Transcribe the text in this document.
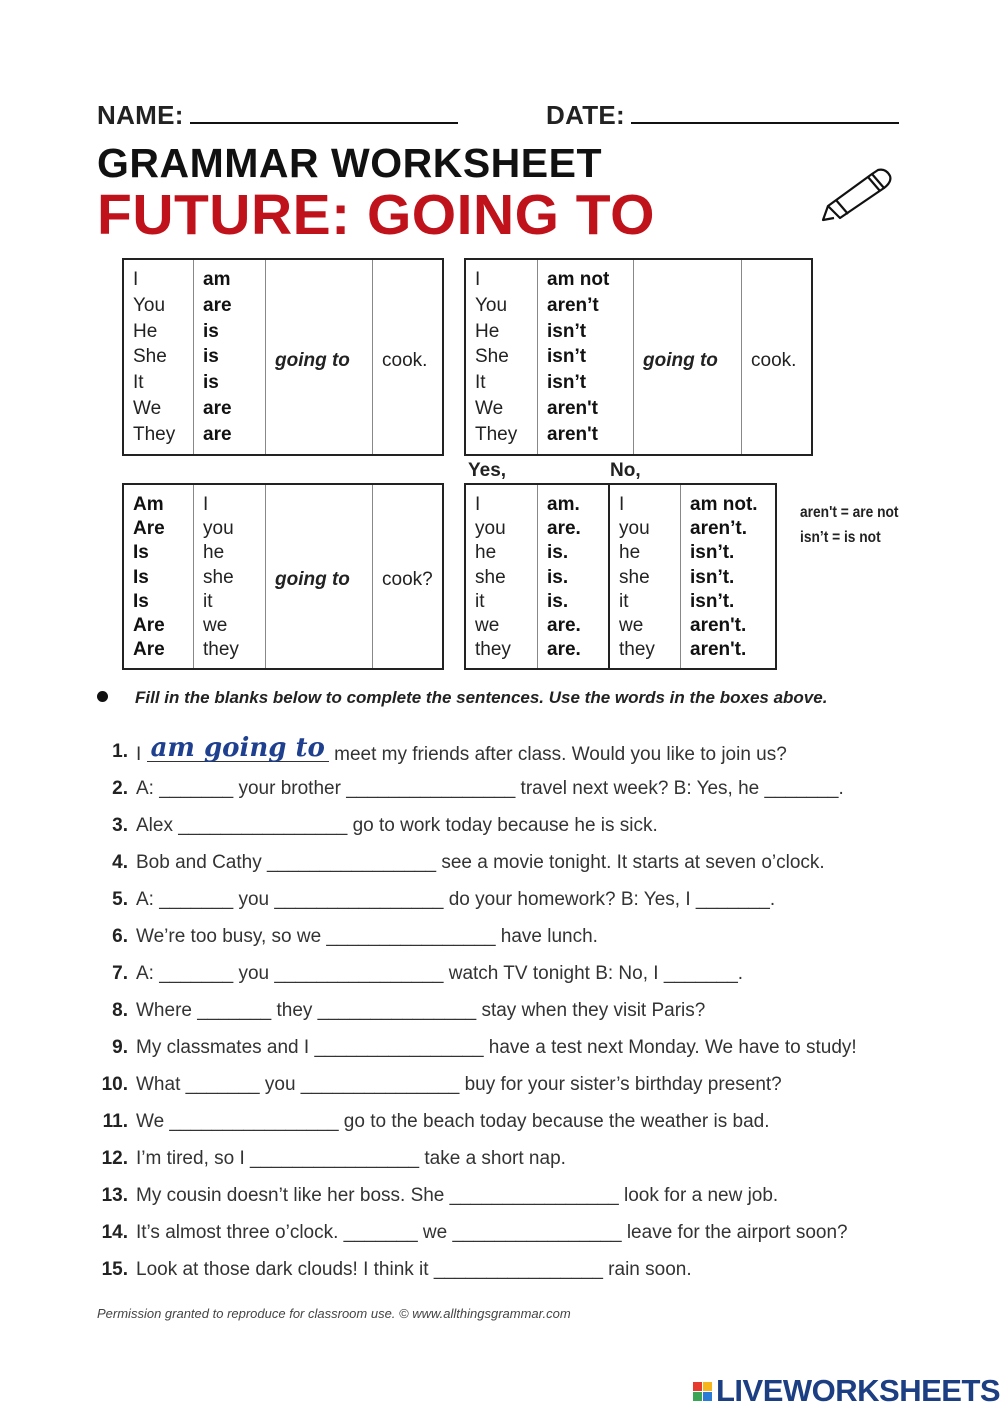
NAME:	DATE:
GRAMMAR WORKSHEET
FUTURE: GOING TO
I
You
He
She
It
We
They
am
are
is
is
is
are
are
going to cook.
I
You
He
She
It
We
They
am not
aren’t
isn’t
isn’t
isn’t
aren't
aren't
going to cook.
Yes,	No,
Am
Are
Is
Is
Is
Are
Are
I
you
he
she
it
we
they
going to cook?
I
you
he
she
it
we
they
am.
are.
is.
is.
is.
are.
are.
I
you
he
she
it
we
they
am not.
aren’t.
isn’t.
isn’t.
isn’t.
aren't.
aren't.
aren't = are not
isn’t = is not
Fill in the blanks below to complete the sentences. Use the words in the boxes above.
1. I am going to meet my friends after class. Would you like to join us?
2. A: _______ your brother ________________ travel next week? B: Yes, he _______.
3. Alex ________________ go to work today because he is sick.
4. Bob and Cathy ________________ see a movie tonight. It starts at seven o’clock.
5. A: _______ you ________________ do your homework? B: Yes, I _______.
6. We’re too busy, so we ________________ have lunch.
7. A: _______ you ________________ watch TV tonight B: No, I _______.
8. Where _______ they _______________ stay when they visit Paris?
9. My classmates and I ________________ have a test next Monday. We have to study!
10. What _______ you _______________ buy for your sister’s birthday present?
11. We ________________ go to the beach today because the weather is bad.
12. I’m tired, so I ________________ take a short nap.
13. My cousin doesn’t like her boss. She ________________ look for a new job.
14. It’s almost three o’clock. _______ we ________________ leave for the airport soon?
15. Look at those dark clouds! I think it ________________ rain soon.
Permission granted to reproduce for classroom use. © www.allthingsgrammar.com
LIVEWORKSHEETS
